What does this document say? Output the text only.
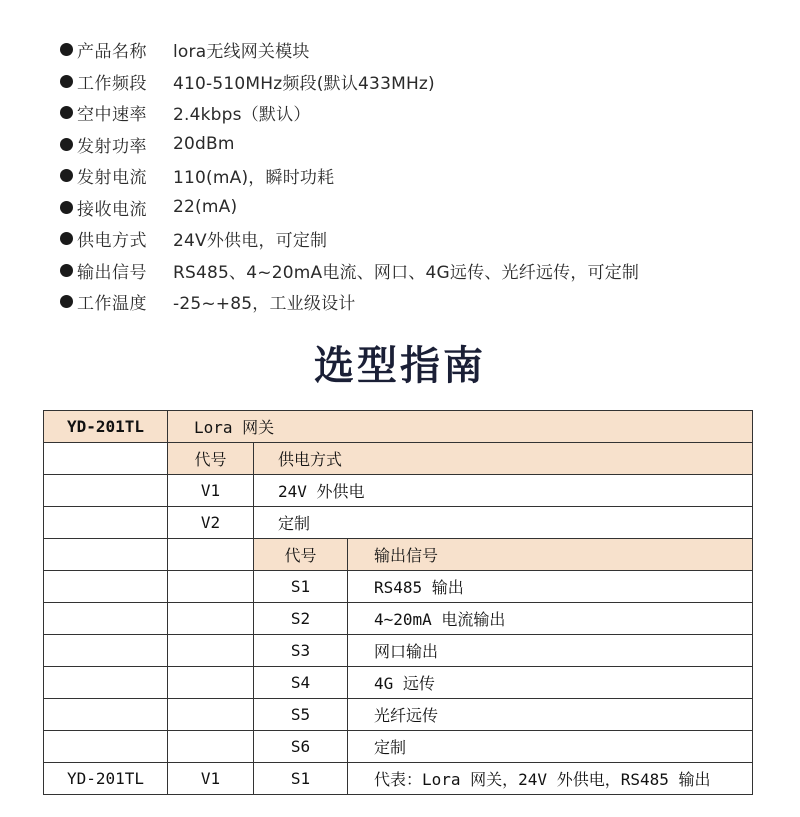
产品名称	lora无线网关模块
工作频段	410-510MHz频段(默认433MHz)
空中速率	2.4kbps（默认）
发射功率	20dBm
发射电流	110(mA)，瞬时功耗
接收电流	22(mA)
供电方式	24V外供电，可定制
输出信号	RS485、4~20mA电流、网口、4G远传、光纤远传，可定制
工作温度	-25~+85，工业级设计
选型指南
YD-201TL	Lora 网关		
	代号	供电方式	
	V1	24V 外供电	
	V2	定制	
		代号	输出信号
		S1	RS485 输出
		S2	4~20mA 电流输出
		S3	网口输出
		S4	4G 远传
		S5	光纤远传
		S6	定制
YD-201TL	V1	S1	代表：Lora 网关，24V 外供电，RS485 输出
